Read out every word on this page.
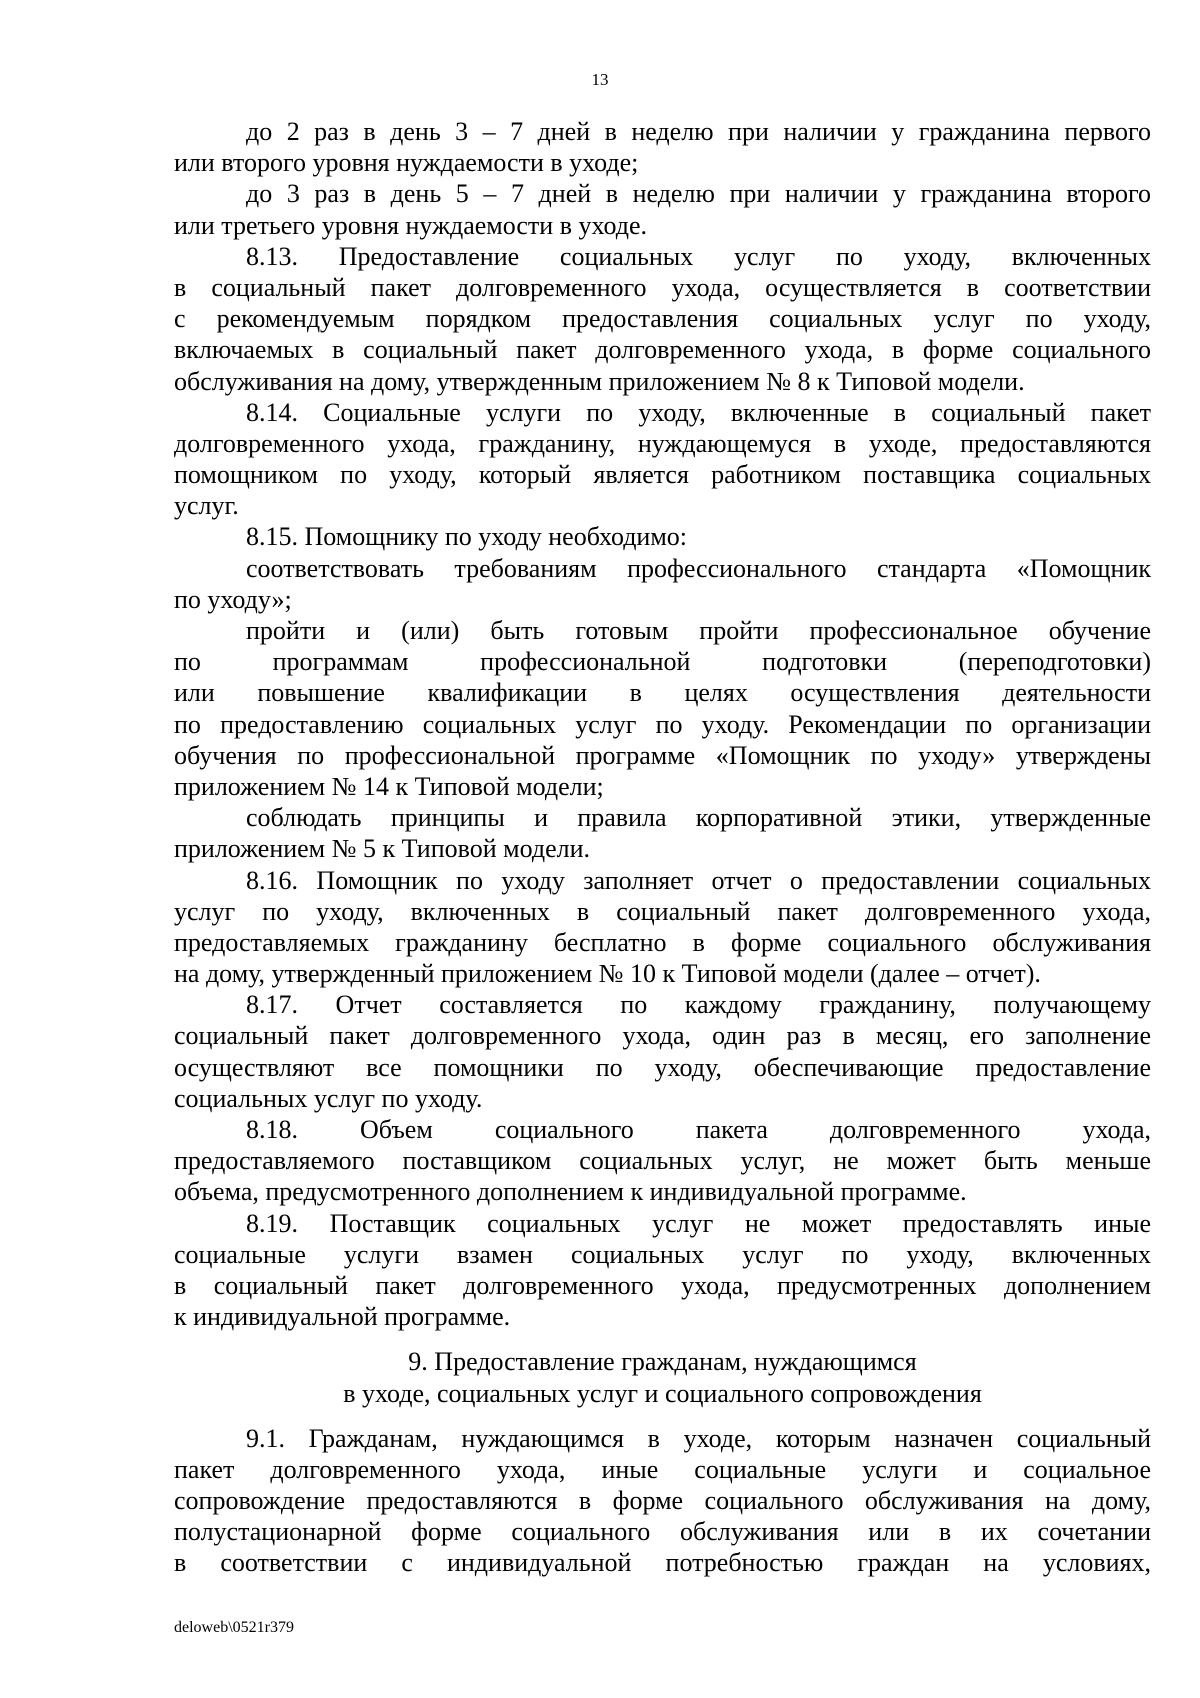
13
до 2 раз в день 3 – 7 дней в неделю при наличии у гражданина первого
или второго уровня нуждаемости в уходе;
до 3 раз в день 5 – 7 дней в неделю при наличии у гражданина второго
или третьего уровня нуждаемости в уходе.
8.13. Предоставление социальных услуг по уходу, включенных
в социальный пакет долговременного ухода, осуществляется в соответствии
с рекомендуемым порядком предоставления социальных услуг по уходу,
включаемых в социальный пакет долговременного ухода, в форме социального
обслуживания на дому, утвержденным приложением № 8 к Типовой модели.
8.14. Социальные услуги по уходу, включенные в социальный пакет
долговременного ухода, гражданину, нуждающемуся в уходе, предоставляются
помощником по уходу, который является работником поставщика социальных
услуг.
8.15. Помощнику по уходу необходимо:
соответствовать требованиям профессионального стандарта «Помощник
по уходу»;
пройти и (или) быть готовым пройти профессиональное обучение
по программам профессиональной подготовки (переподготовки)
или повышение квалификации в целях осуществления деятельности
по предоставлению социальных услуг по уходу. Рекомендации по организации
обучения по профессиональной программе «Помощник по уходу» утверждены
приложением № 14 к Типовой модели;
соблюдать принципы и правила корпоративной этики, утвержденные
приложением № 5 к Типовой модели.
8.16. Помощник по уходу заполняет отчет о предоставлении социальных
услуг по уходу, включенных в социальный пакет долговременного ухода,
предоставляемых гражданину бесплатно в форме социального обслуживания
на дому, утвержденный приложением № 10 к Типовой модели (далее – отчет).
8.17. Отчет составляется по каждому гражданину, получающему
социальный пакет долговременного ухода, один раз в месяц, его заполнение
осуществляют все помощники по уходу, обеспечивающие предоставление
социальных услуг по уходу.
8.18. Объем социального пакета долговременного ухода,
предоставляемого поставщиком социальных услуг, не может быть меньше
объема, предусмотренного дополнением к индивидуальной программе.
8.19. Поставщик социальных услуг не может предоставлять иные
социальные услуги взамен социальных услуг по уходу, включенных
в социальный пакет долговременного ухода, предусмотренных дополнением
к индивидуальной программе.
9. Предоставление гражданам, нуждающимся
в уходе, социальных услуг и социального сопровождения
9.1. Гражданам, нуждающимся в уходе, которым назначен социальный
пакет долговременного ухода, иные социальные услуги и социальное
сопровождение предоставляются в форме социального обслуживания на дому,
полустационарной форме социального обслуживания или в их сочетании
в соответствии с индивидуальной потребностью граждан на условиях,
deloweb\0521r379
